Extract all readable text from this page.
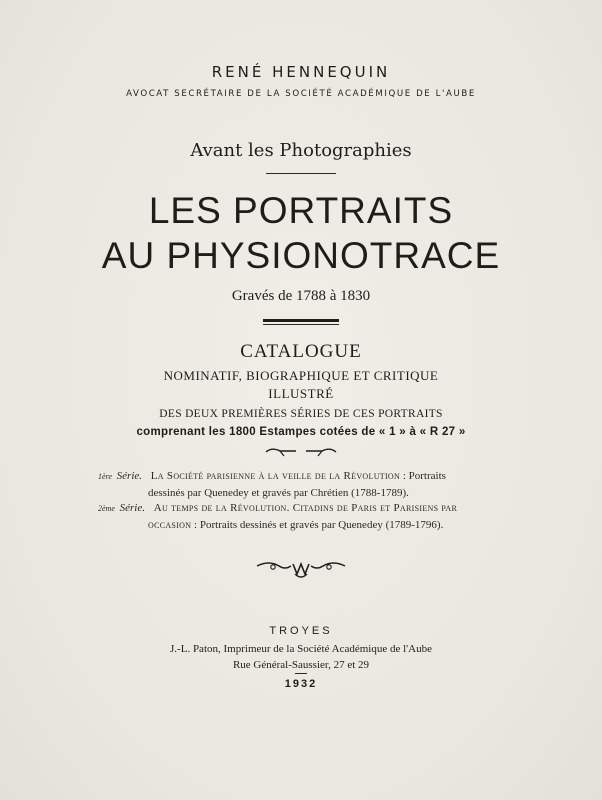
RENÉ HENNEQUIN
AVOCAT SECRÉTAIRE DE LA SOCIÉTÉ ACADÉMIQUE DE L'AUBE
Avant les Photographies
LES PORTRAITS
AU PHYSIONOTRACE
Gravés de 1788 à 1830
CATALOGUE
NOMINATIF, BIOGRAPHIQUE ET CRITIQUE
ILLUSTRÉ
DES DEUX PREMIÈRES SÉRIES DE CES PORTRAITS
comprenant les 1800 Estampes cotées de « 1 » à « R 27 »
1ère Série. La Société parisienne à la veille de la Révolution : Portraits
dessinés par Quenedey et gravés par Chrétien (1788-1789).
2ème Série. Au temps de la Révolution. Citadins de Paris et Parisiens par
occasion : Portraits dessinés et gravés par Quenedey (1789-1796).
TROYES
J.-L. Paton, Imprimeur de la Société Académique de l'Aube
Rue Général-Saussier, 27 et 29
1932
